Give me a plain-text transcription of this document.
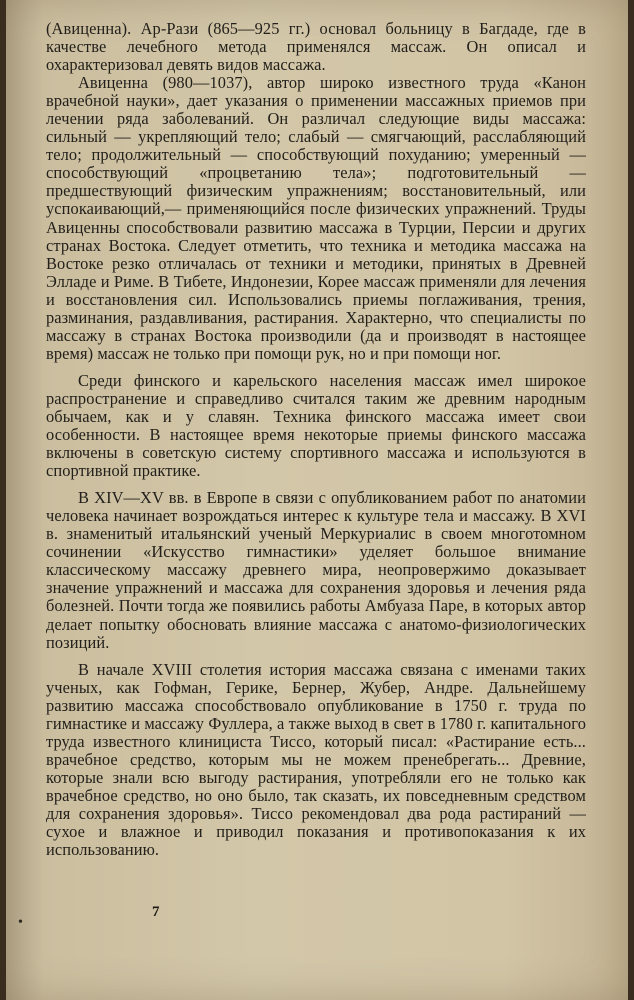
(Авиценна). Ар-Рази (865—925 гг.) основал больницу в Багдаде, где в качестве лечебного метода применялся массаж. Он описал и охарактеризовал девять видов массажа.

Авиценна (980—1037), автор широко известного труда «Канон врачебной науки», дает указания о применении массажных приемов при лечении ряда заболеваний. Он различал следующие виды массажа: сильный — укрепляющий тело; слабый — смягчающий, расслабляющий тело; продолжительный — способствующий похуданию; умеренный — способствующий «процветанию тела»; подготовительный — предшествующий физическим упражнениям; восстановительный, или успокаивающий,— применяющийся после физических упражнений. Труды Авиценны способствовали развитию массажа в Турции, Персии и других странах Востока. Следует отметить, что техника и методика массажа на Востоке резко отличалась от техники и методики, принятых в Древней Элладе и Риме. В Тибете, Индонезии, Корее массаж применяли для лечения и восстановления сил. Использовались приемы поглаживания, трения, разминания, раздавливания, растирания. Характерно, что специалисты по массажу в странах Востока производили (да и производят в настоящее время) массаж не только при помощи рук, но и при помощи ног.

Среди финского и карельского населения массаж имел широкое распространение и справедливо считался таким же древним народным обычаем, как и у славян. Техника финского массажа имеет свои особенности. В настоящее время некоторые приемы финского массажа включены в советскую систему спортивного массажа и используются в спортивной практике.

В XIV—XV вв. в Европе в связи с опубликованием работ по анатомии человека начинает возрождаться интерес к культуре тела и массажу. В XVI в. знаменитый итальянский ученый Меркуриалис в своем многотомном сочинении «Искусство гимнастики» уделяет большое внимание классическому массажу древнего мира, неопровержимо доказывает значение упражнений и массажа для сохранения здоровья и лечения ряда болезней. Почти тогда же появились работы Амбуаза Паре, в которых автор делает попытку обосновать влияние массажа с анатомо-физиологических позиций.

В начале XVIII столетия история массажа связана с именами таких ученых, как Гофман, Герике, Бернер, Жубер, Андре. Дальнейшему развитию массажа способствовало опубликование в 1750 г. труда по гимнастике и массажу Фуллера, а также выход в свет в 1780 г. капитального труда известного клинициста Тиссо, который писал: «Растирание есть... врачебное средство, которым мы не можем пренебрегать... Древние, которые знали всю выгоду растирания, употребляли его не только как врачебное средство, но оно было, так сказать, их повседневным средством для сохранения здоровья». Тиссо рекомендовал два рода растираний — сухое и влажное и приводил показания и противопоказания к их использованию.

•
7
